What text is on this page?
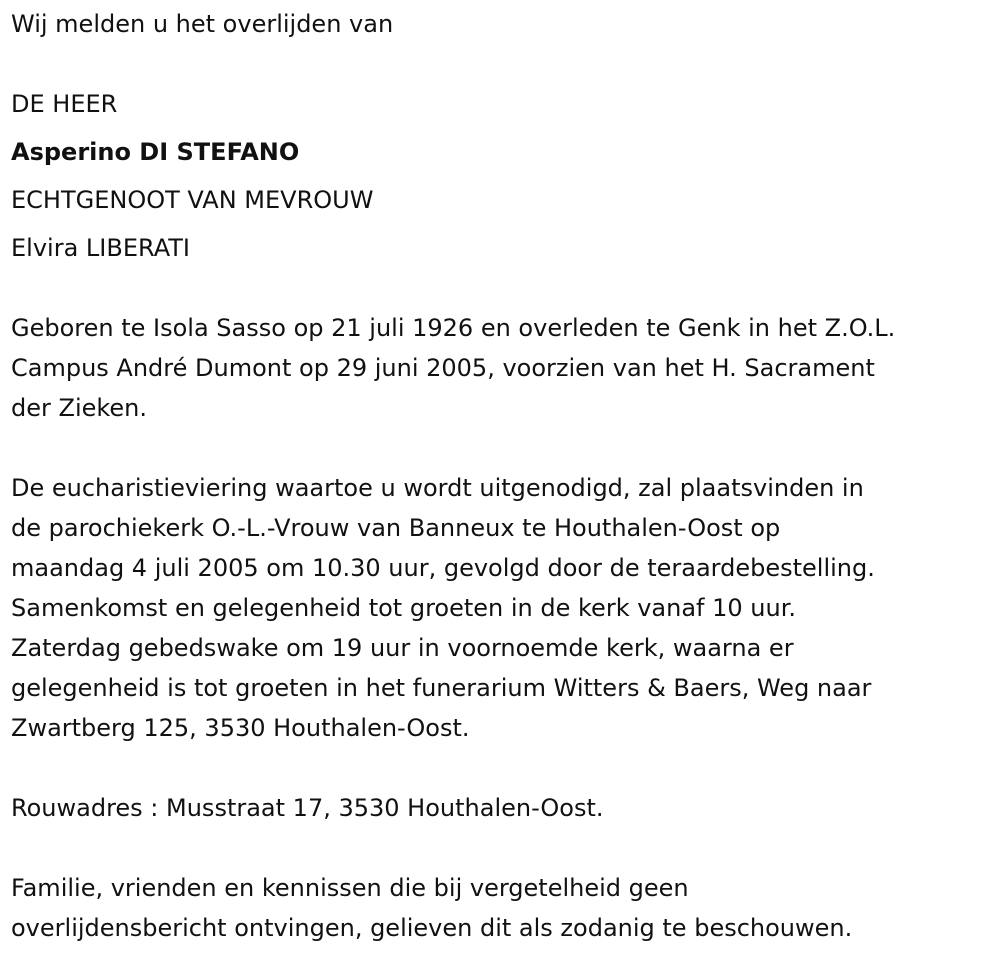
Wij melden u het overlijden van
DE HEER
Asperino DI STEFANO
ECHTGENOOT VAN MEVROUW
Elvira LIBERATI
Geboren te Isola Sasso op 21 juli 1926 en overleden te Genk in het Z.O.L.
Campus André Dumont op 29 juni 2005, voorzien van het H. Sacrament
der Zieken.
De eucharistieviering waartoe u wordt uitgenodigd, zal plaatsvinden in
de parochiekerk O.-L.-Vrouw van Banneux te Houthalen-Oost op
maandag 4 juli 2005 om 10.30 uur, gevolgd door de teraardebestelling.
Samenkomst en gelegenheid tot groeten in de kerk vanaf 10 uur.
Zaterdag gebedswake om 19 uur in voornoemde kerk, waarna er
gelegenheid is tot groeten in het funerarium Witters & Baers, Weg naar
Zwartberg 125, 3530 Houthalen-Oost.
Rouwadres : Musstraat 17, 3530 Houthalen-Oost.
Familie, vrienden en kennissen die bij vergetelheid geen
overlijdensbericht ontvingen, gelieven dit als zodanig te beschouwen.
